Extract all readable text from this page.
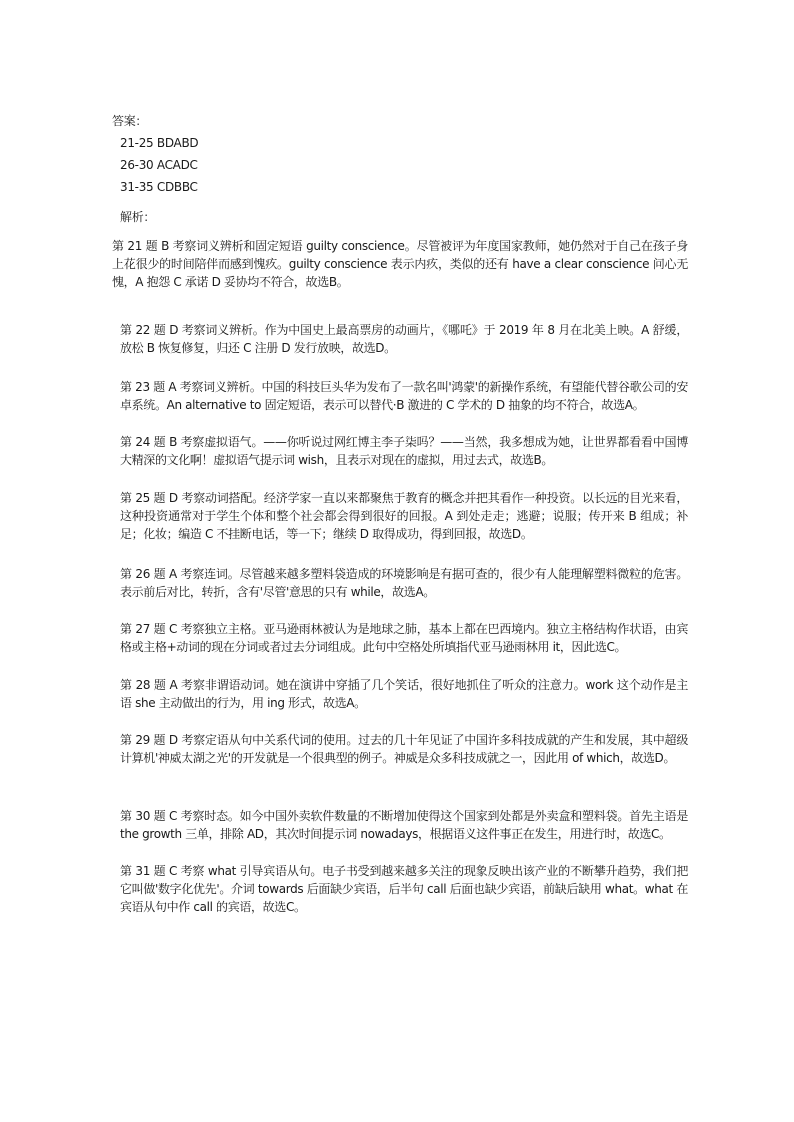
答案：
21-25 BDABD
26-30 ACADC
31-35 CDBBC
解析：

第 21 题 B 考察词义辨析和固定短语 guilty conscience。尽管被评为年度国家教师，她仍然对于自己在孩子身上花很少的时间陪伴而感到愧疚。guilty conscience 表示内疚，类似的还有 have a clear conscience 问心无愧，A 抱怨 C 承诺 D 妥协均不符合，故选B。

第 22 题 D 考察词义辨析。作为中国史上最高票房的动画片，《哪吒》于 2019 年 8 月在北美上映。A 舒缓，放松 B 恢复修复，归还 C 注册 D 发行放映，故选D。

第 23 题 A 考察词义辨析。中国的科技巨头华为发布了一款名叫'鸿蒙'的新操作系统，有望能代替谷歌公司的安卓系统。An alternative to 固定短语，表示可以替代·B 激进的 C 学术的 D 抽象的均不符合，故选A。

第 24 题 B 考察虚拟语气。——你听说过网红博主李子柒吗？——当然，我多想成为她，让世界都看看中国博大精深的文化啊！虚拟语气提示词 wish，且表示对现在的虚拟，用过去式，故选B。

第 25 题 D 考察动词搭配。经济学家一直以来都聚焦于教育的概念并把其看作一种投资。以长远的目光来看，这种投资通常对于学生个体和整个社会都会得到很好的回报。A 到处走走；逃避；说服；传开来 B 组成；补足；化妆；编造 C 不挂断电话，等一下；继续 D 取得成功，得到回报，故选D。

第 26 题 A 考察连词。尽管越来越多塑料袋造成的环境影响是有据可查的，很少有人能理解塑料微粒的危害。表示前后对比，转折，含有'尽管'意思的只有 while，故选A。

第 27 题 C 考察独立主格。亚马逊雨林被认为是地球之肺，基本上都在巴西境内。独立主格结构作状语，由宾格或主格+动词的现在分词或者过去分词组成。此句中空格处所填指代亚马逊雨林用 it，因此选C。

第 28 题 A 考察非谓语动词。她在演讲中穿插了几个笑话，很好地抓住了听众的注意力。work 这个动作是主语 she 主动做出的行为，用 ing 形式，故选A。

第 29 题 D 考察定语从句中关系代词的使用。过去的几十年见证了中国许多科技成就的产生和发展，其中超级计算机'神威太湖之光'的开发就是一个很典型的例子。神威是众多科技成就之一，因此用 of which，故选D。

第 30 题 C 考察时态。如今中国外卖软件数量的不断增加使得这个国家到处都是外卖盒和塑料袋。首先主语是 the growth 三单，排除 AD，其次时间提示词 nowadays，根据语义这件事正在发生，用进行时，故选C。

第 31 题 C 考察 what 引导宾语从句。电子书受到越来越多关注的现象反映出该产业的不断攀升趋势，我们把它叫做'数字化优先'。介词 towards 后面缺少宾语，后半句 call 后面也缺少宾语，前缺后缺用 what。what 在宾语从句中作 call 的宾语，故选C。
